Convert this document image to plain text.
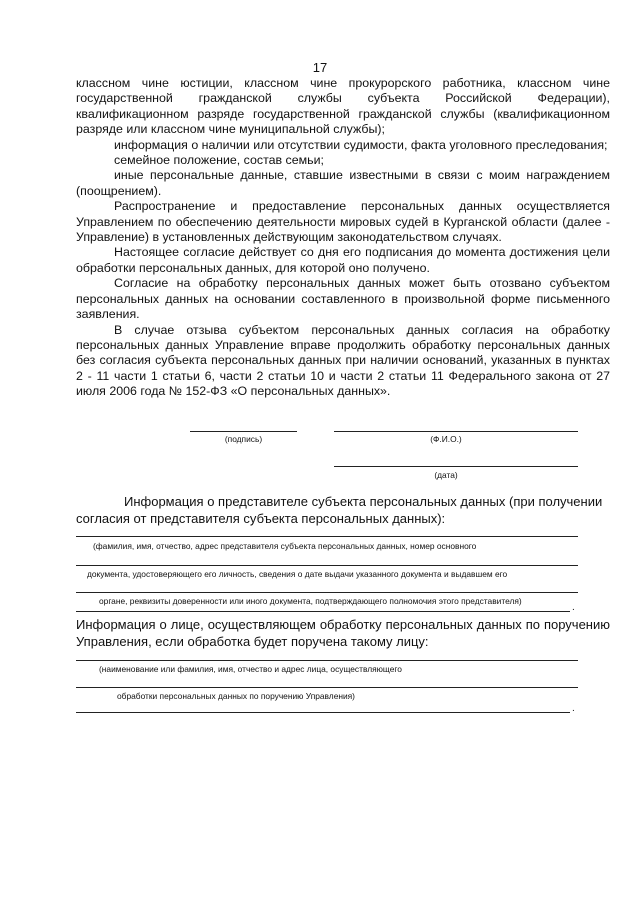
17

классном чине юстиции, классном чине прокурорского работника, классном чине государственной гражданской службы субъекта Российской Федерации), квалификационном разряде государственной гражданской службы (квалификационном разряде или классном чине муниципальной службы);

информация о наличии или отсутствии судимости, факта уголовного преследования;

семейное положение, состав семьи;

иные персональные данные, ставшие известными в связи с моим награждением (поощрением).

Распространение и предоставление персональных данных осуществляется Управлением по обеспечению деятельности мировых судей в Курганской области (далее - Управление) в установленных действующим законодательством случаях.

Настоящее согласие действует со дня его подписания до момента достижения цели обработки персональных данных, для которой оно получено.

Согласие на обработку персональных данных может быть отозвано субъектом персональных данных на основании составленного в произвольной форме письменного заявления.

В случае отзыва субъектом персональных данных согласия на обработку персональных данных Управление вправе продолжить обработку персональных данных без согласия субъекта персональных данных при наличии оснований, указанных в пунктах 2 - 11 части 1 статьи 6, части 2 статьи 10 и части 2 статьи 11 Федерального закона от 27 июля 2006 года № 152-ФЗ «О персональных данных».

(подпись)	(Ф.И.О.)
(дата)

Информация о представителе субъекта персональных данных (при получении согласия от представителя субъекта персональных данных):

(фамилия, имя, отчество, адрес представителя субъекта персональных данных, номер основного
документа, удостоверяющего его личность, сведения о дате выдачи указанного документа и выдавшем его
органе, реквизиты доверенности или иного документа, подтверждающего полномочия этого представителя)
.

Информация о лице, осуществляющем обработку персональных данных по поручению Управления, если обработка будет поручена такому лицу:

(наименование или фамилия, имя, отчество и адрес лица, осуществляющего
обработки персональных данных по поручению Управления)
.
